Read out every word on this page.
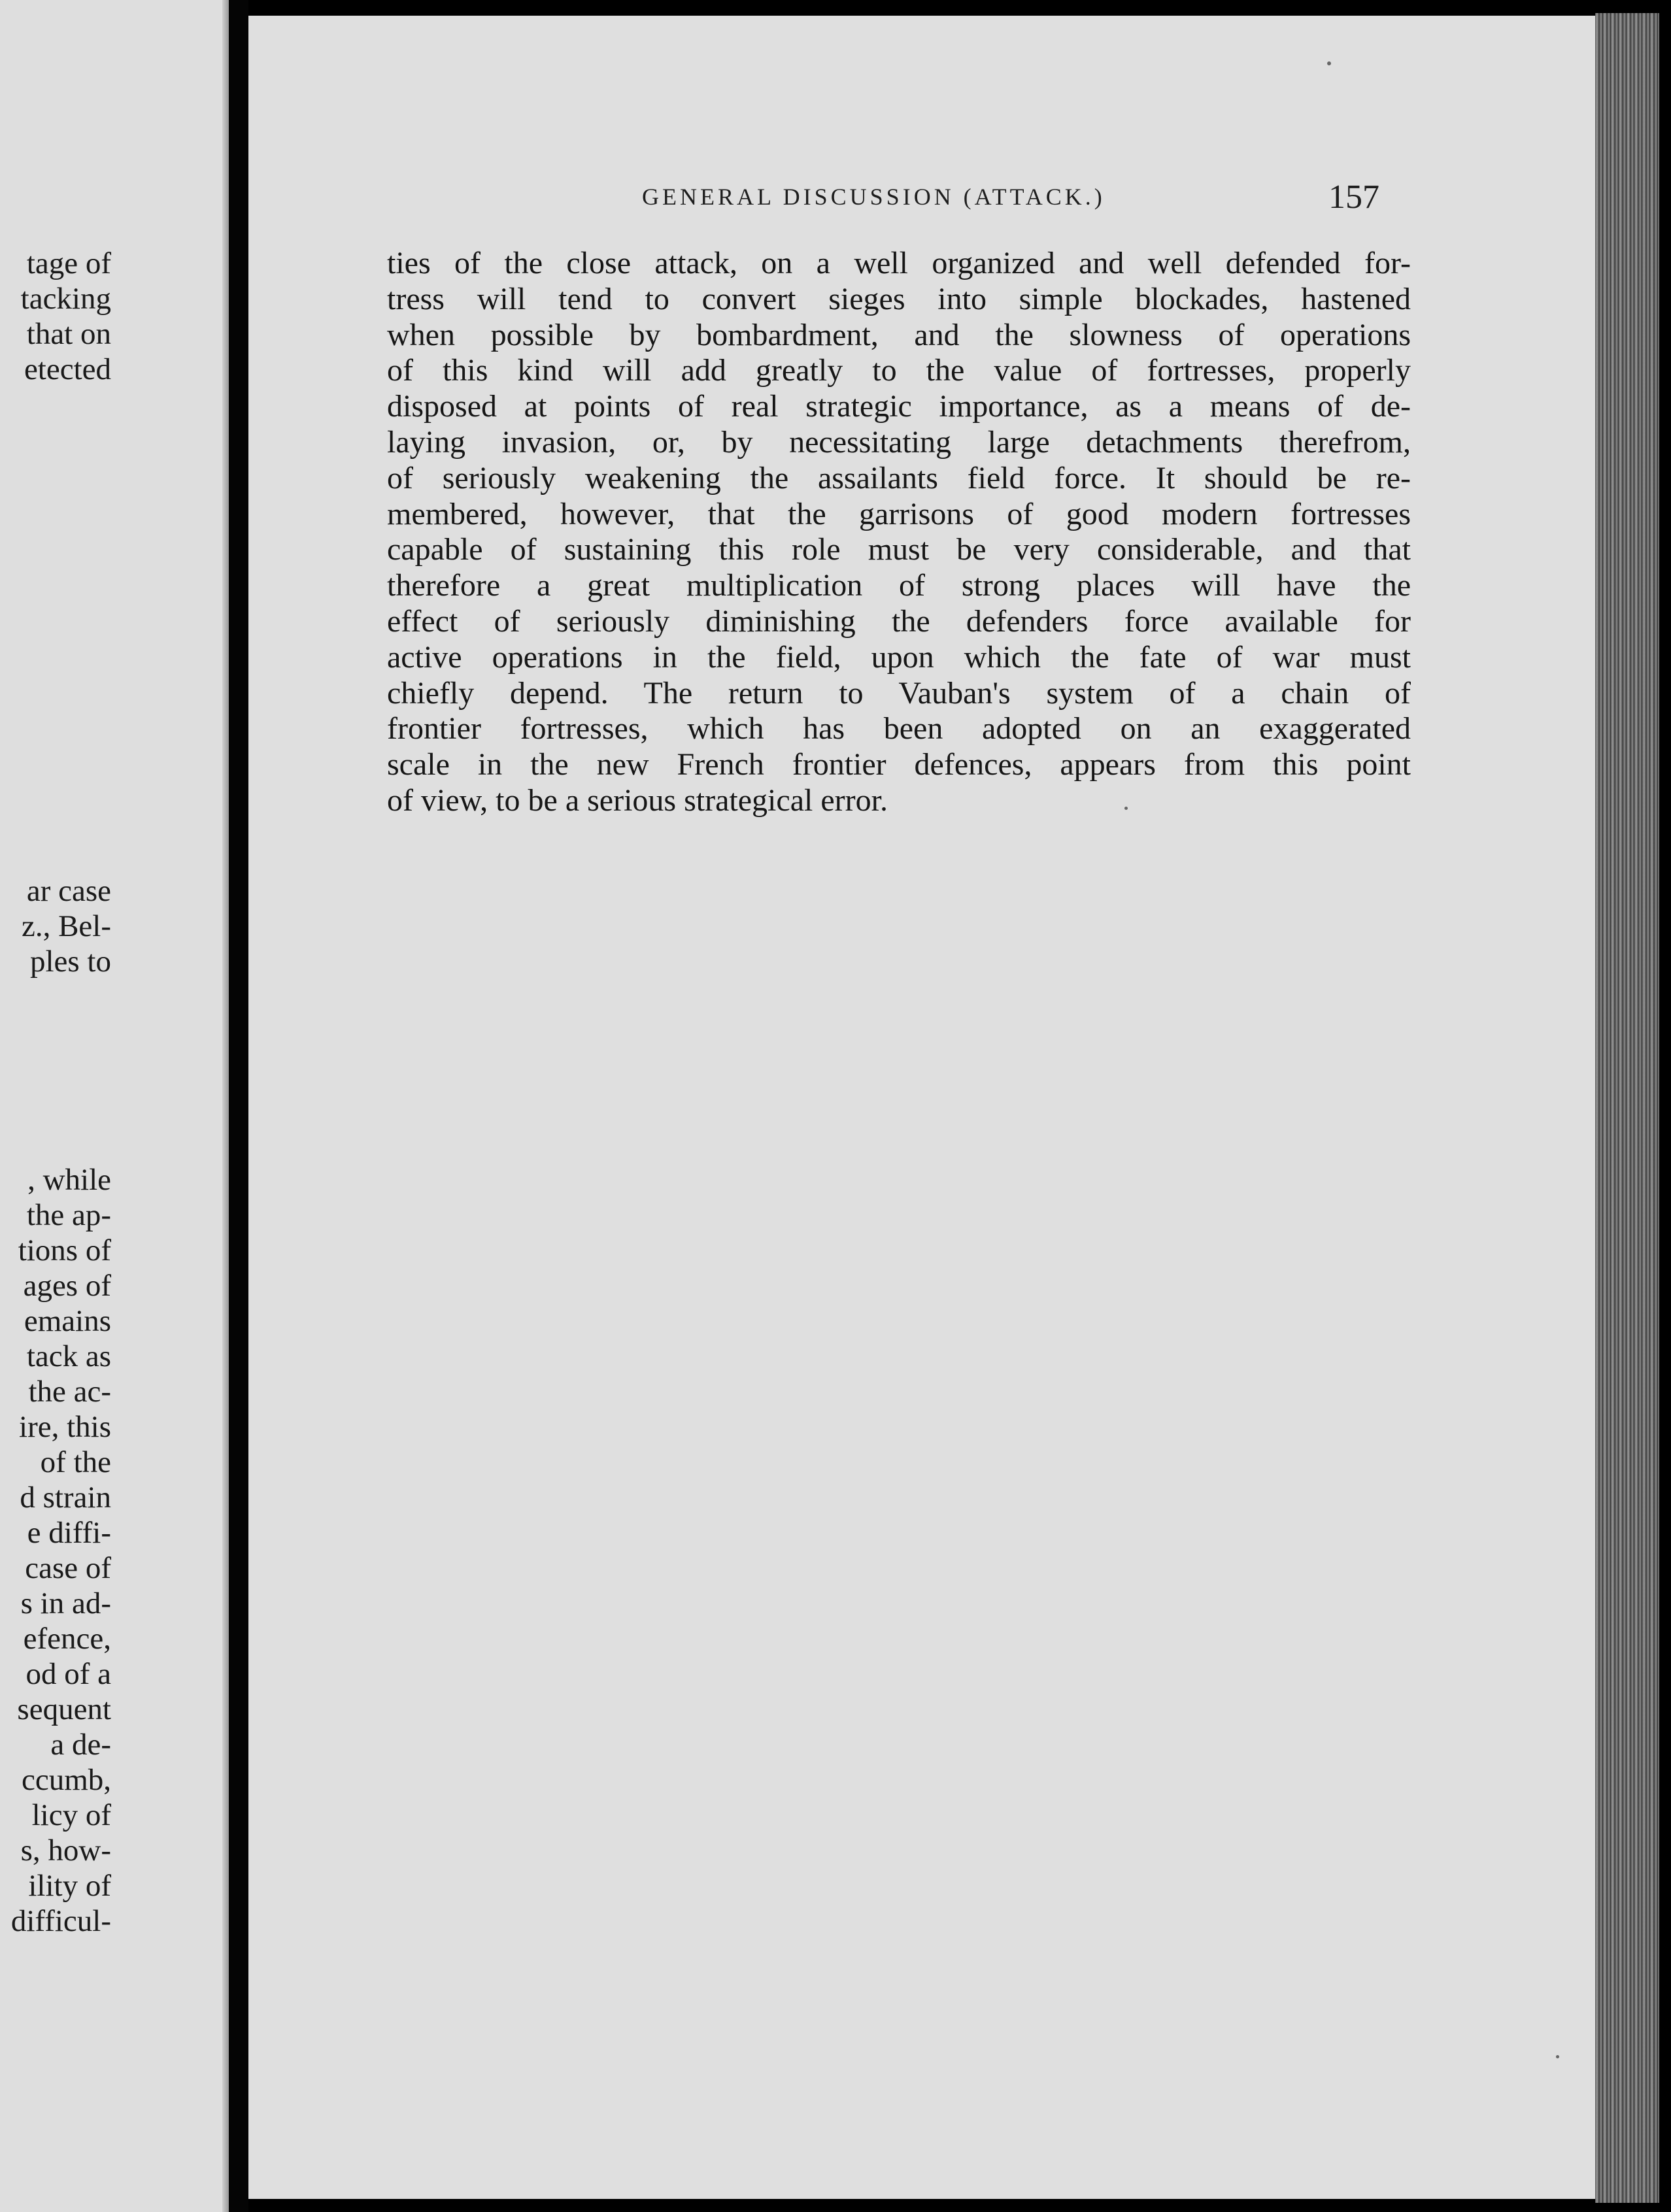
tage of
tacking
that on
etected
ar case
z., Bel-
ples to
, while
the ap-
tions of
ages of
emains
tack as
the ac-
ire, this
of the
d strain
e diffi-
case of
s in ad-
efence,
od of a
sequent
a de-
ccumb,
licy of
s, how-
ility of
difficul-
GENERAL DISCUSSION (ATTACK.)	157
ties of the close attack, on a well organized and well defended for-
tress will tend to convert sieges into simple blockades, hastened
when possible by bombardment, and the slowness of operations
of this kind will add greatly to the value of fortresses, properly
disposed at points of real strategic importance, as a means of de-
laying invasion, or, by necessitating large detachments therefrom,
of seriously weakening the assailants field force. It should be re-
membered, however, that the garrisons of good modern fortresses
capable of sustaining this role must be very considerable, and that
therefore a great multiplication of strong places will have the
effect of seriously diminishing the defenders force available for
active operations in the field, upon which the fate of war must
chiefly depend. The return to Vauban's system of a chain of
frontier fortresses, which has been adopted on an exaggerated
scale in the new French frontier defences, appears from this point
of view, to be a serious strategical error.
